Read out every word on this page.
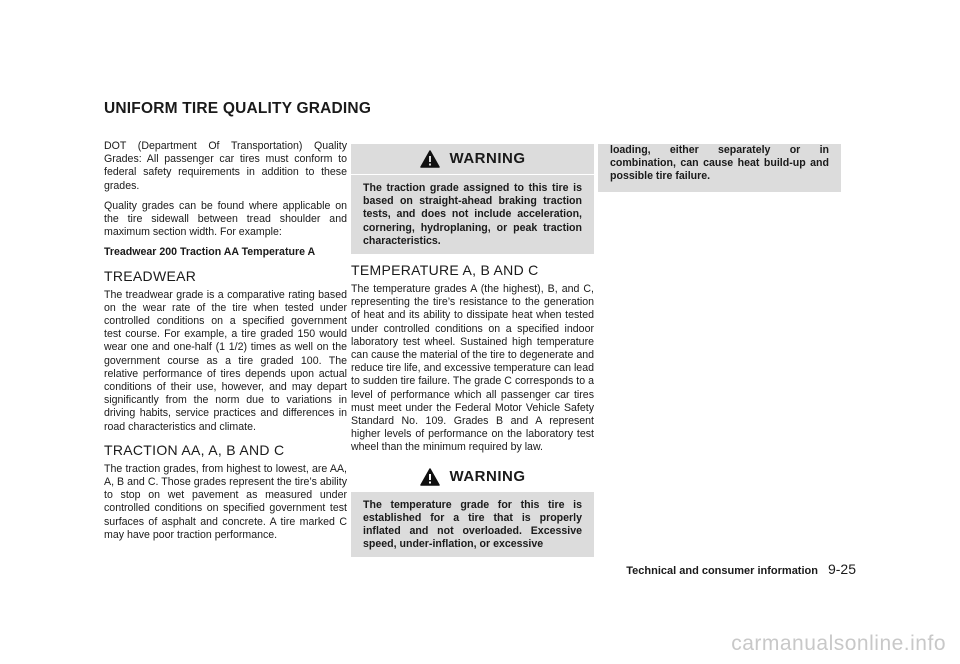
UNIFORM TIRE QUALITY GRADING

DOT (Department Of Transportation) Quality Grades: All passenger car tires must conform to federal safety requirements in addition to these grades.

Quality grades can be found where applicable on the tire sidewall between tread shoulder and maximum section width. For example:

Treadwear 200 Traction AA Temperature A

TREADWEAR

The treadwear grade is a comparative rating based on the wear rate of the tire when tested under controlled conditions on a specified government test course. For example, a tire graded 150 would wear one and one-half (1 1/2) times as well on the government course as a tire graded 100. The relative performance of tires depends upon actual conditions of their use, however, and may depart significantly from the norm due to variations in driving habits, service practices and differences in road characteristics and climate.

TRACTION AA, A, B AND C

The traction grades, from highest to lowest, are AA, A, B and C. Those grades represent the tire’s ability to stop on wet pavement as measured under controlled conditions on specified government test surfaces of asphalt and concrete. A tire marked C may have poor traction performance.

WARNING
The traction grade assigned to this tire is based on straight-ahead braking traction tests, and does not include acceleration, cornering, hydroplaning, or peak traction characteristics.
TEMPERATURE A, B AND C

The temperature grades A (the highest), B, and C, representing the tire’s resistance to the generation of heat and its ability to dissipate heat when tested under controlled conditions on a specified indoor laboratory test wheel. Sustained high temperature can cause the material of the tire to degenerate and reduce tire life, and excessive temperature can lead to sudden tire failure. The grade C corresponds to a level of performance which all passenger car tires must meet under the Federal Motor Vehicle Safety Standard No. 109. Grades B and A represent higher levels of performance on the laboratory test wheel than the minimum required by law.

WARNING
The temperature grade for this tire is established for a tire that is properly inflated and not overloaded. Excessive speed, under-inflation, or excessive
loading, either separately or in combination, can cause heat build-up and possible tire failure.
Technical and consumer information 9-25
carmanualsonline.info
